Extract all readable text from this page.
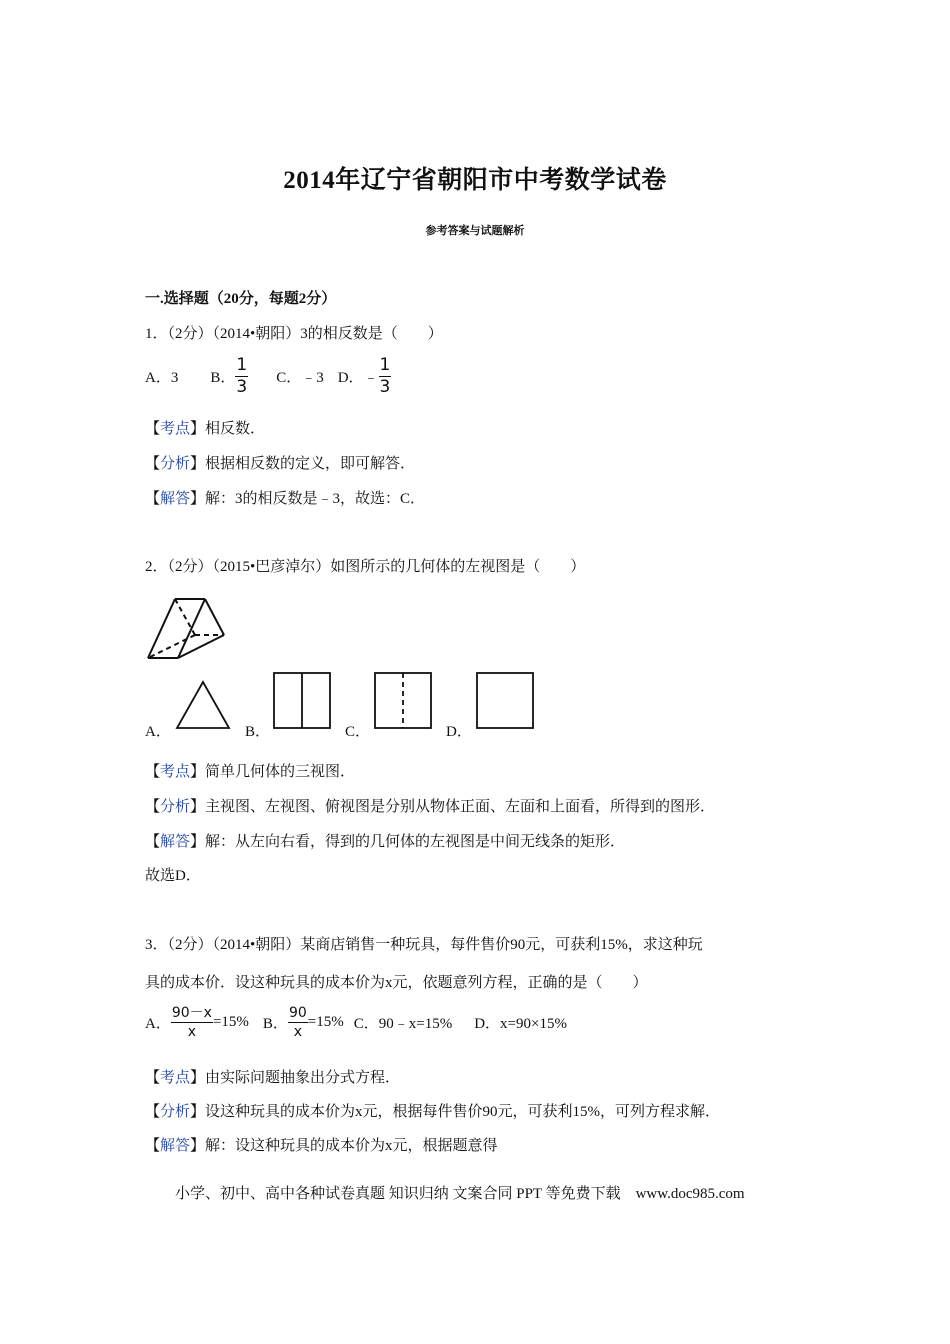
2014年辽宁省朝阳市中考数学试卷
参考答案与试题解析
一.选择题（20分，每题2分）
1．（2分）（2014•朝阳）3的相反数是（　　）
A．3 B． $\frac{1}{3}$ C．﹣3 D．﹣ $\frac{1}{3}$
【考点】相反数．
【分析】根据相反数的定义，即可解答．
【解答】解：3的相反数是﹣3，故选：C．
2．（2分）（2015•巴彦淖尔）如图所示的几何体的左视图是（　　）
A．	B．	C．	D．
【考点】简单几何体的三视图．
【分析】主视图、左视图、俯视图是分别从物体正面、左面和上面看，所得到的图形．
【解答】解：从左向右看，得到的几何体的左视图是中间无线条的矩形．
故选D．
3．（2分）（2014•朝阳）某商店销售一种玩具，每件售价90元，可获利15%，求这种玩
具的成本价．设这种玩具的成本价为x元，依题意列方程，正确的是（　　）
A． $\frac{90-x}{x} =15\%$ B． $\frac{90}{x} =15\%$ C．90﹣x=15% D．x=90×15%
【考点】由实际问题抽象出分式方程．
【分析】设这种玩具的成本价为x元，根据每件售价90元，可获利15%，可列方程求解．
【解答】解：设这种玩具的成本价为x元，根据题意得
小学、初中、高中各种试卷真题 知识归纳 文案合同 PPT 等免费下载　www.doc985.com
